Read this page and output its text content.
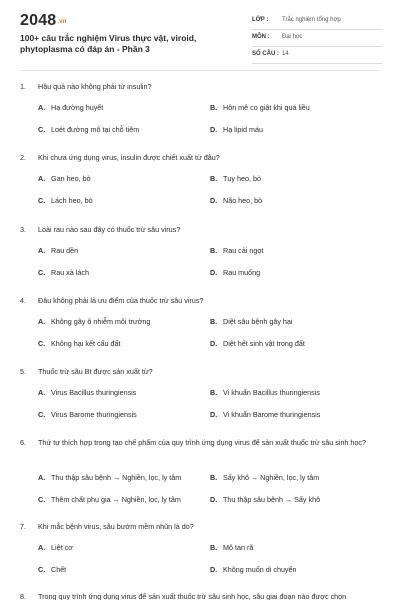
2048.vn
100+ câu trắc nghiệm Virus thực vật, viroid, phytoplasma có đáp án - Phần 3
LỚP : Trắc nghiệm tổng hợp
MÔN : Đại học
SỐ CÂU : 14
1. Hậu quả nào không phải từ insulin?
A. Hạ đường huyết	B. Hôn mê co giật khi quá liều
C. Loét đường mô tại chỗ tiêm	D. Hạ lipid máu
2. Khi chưa ứng dụng virus, insulin được chiết xuất từ đâu?
A. Gan heo, bò	B. Tụy heo, bò
C. Lách heo, bò	D. Não heo, bò
3. Loài rau nào sau đây có thuốc trừ sâu virus?
A. Rau dền	B. Rau cải ngọt
C. Rau xà lách	D. Rau muống
4. Đâu không phải là ưu điểm của thuốc trừ sâu virus?
A. Không gây ô nhiễm môi trường	B. Diệt sâu bệnh gây hại
C. Không hại kết cấu đất	D. Diệt hết sinh vật trong đất
5. Thuốc trừ sâu Bt được sản xuất từ?
A. Virus Bacillus thuringiensis	B. Vi khuẩn Bacillus thuringiensis
C. Virus Barome thuringiensis	D. Vi khuẩn Barome thuringiensis
6. Thứ tự thích hợp trong tạo chế phẩm của quy trình ứng dụng virus để sản xuất thuốc trừ sâu sinh học?
A. Thu thập sâu bệnh → Nghiền, lọc, ly tâm	B. Sấy khô → Nghiền, lọc, ly tâm
C. Thêm chất phụ gia → Nghiền, lọc, ly tâm	D. Thu thập sâu bệnh → Sấy khô
7. Khi mắc bệnh virus, sâu bướm mềm nhũn là do?
A. Liệt cơ	B. Mô tan rã
C. Chết	D. Không muốn di chuyển
8. Trong quy trình ứng dụng virus để sản xuất thuốc trừ sâu sinh học, sâu giai đoạn nào được chọn
